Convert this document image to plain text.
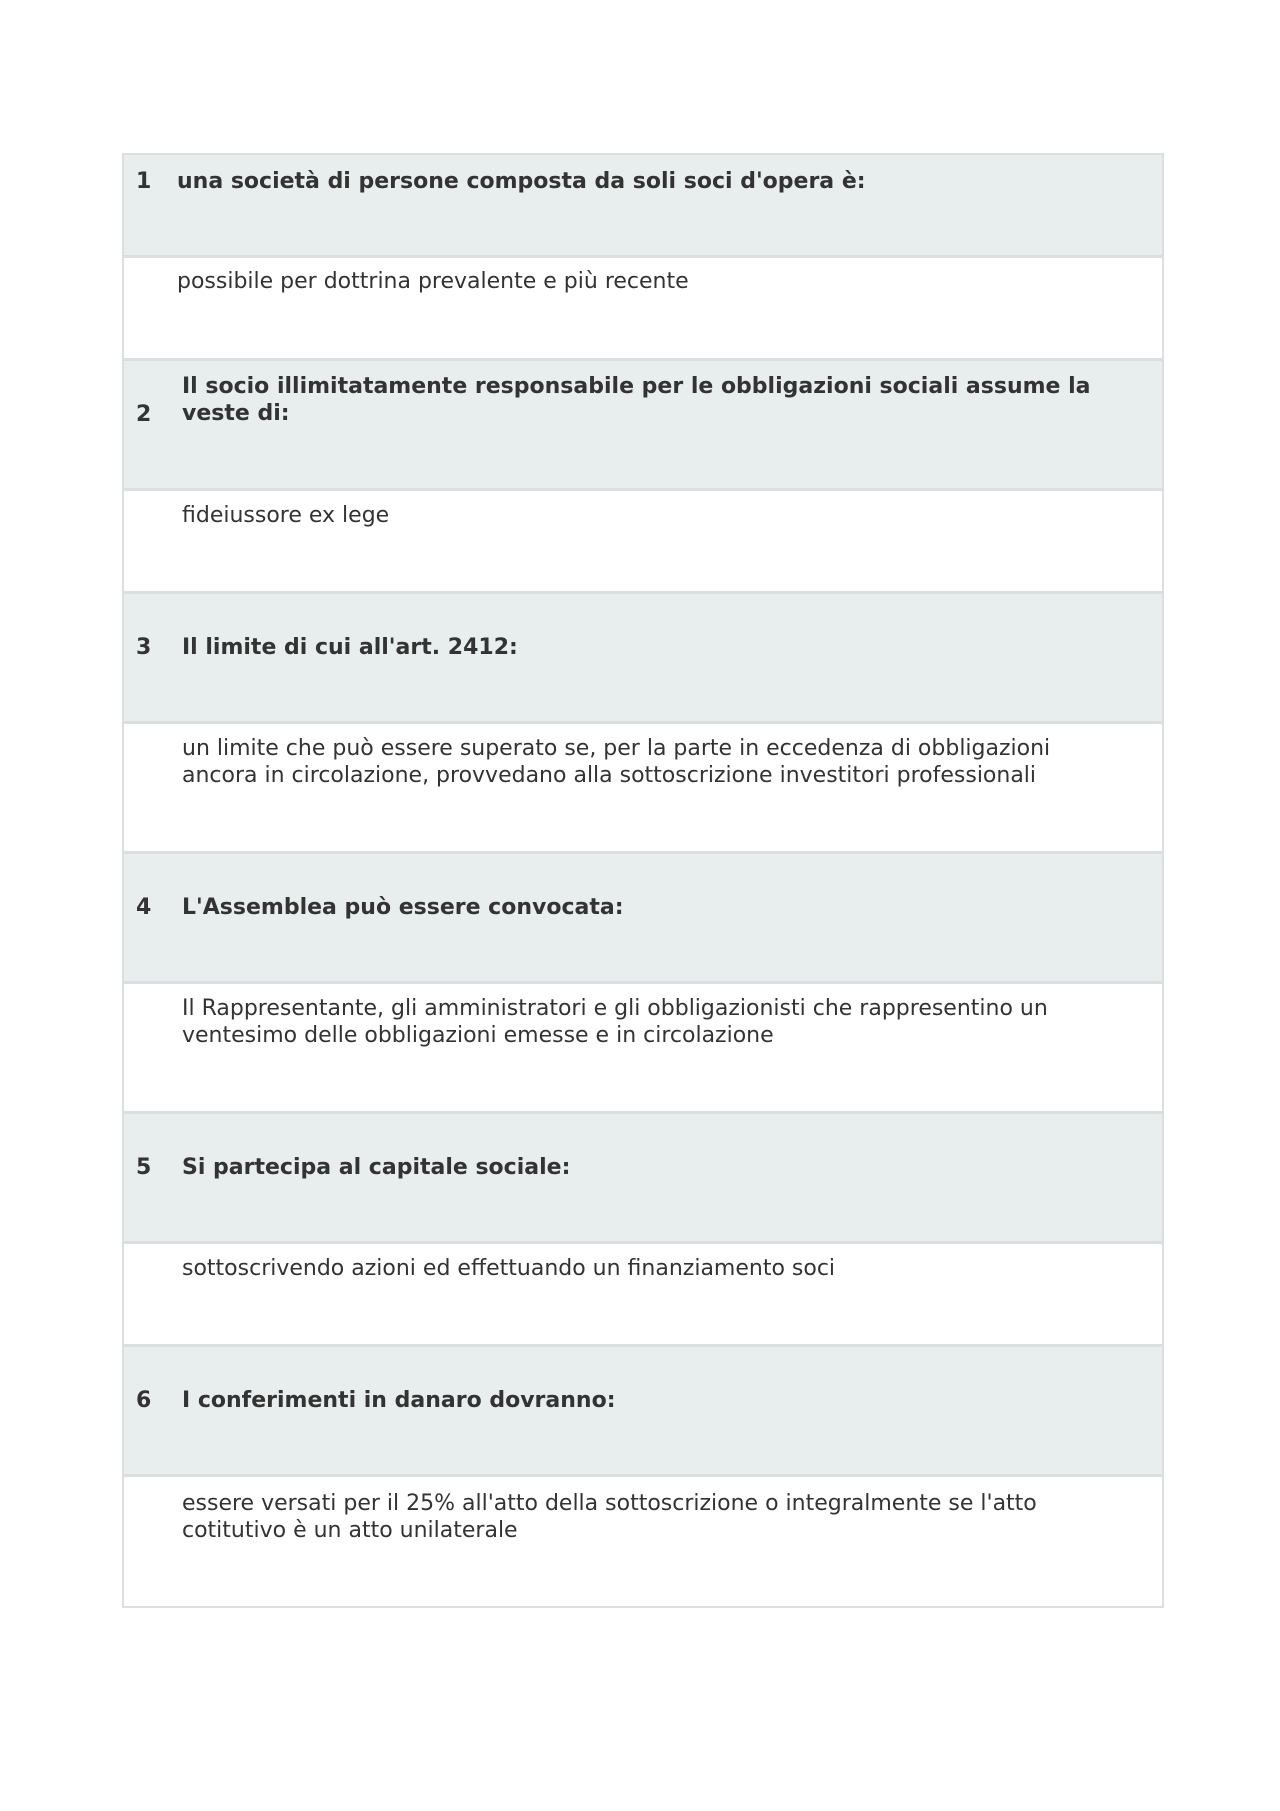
1 una società di persone composta da soli soci d'opera è:
possibile per dottrina prevalente e più recente
2
Il socio illimitatamente responsabile per le obbligazioni sociali assume la veste di:
fideiussore ex lege
3 Il limite di cui all'art. 2412:
un limite che può essere superato se, per la parte in eccedenza di obbligazioni ancora in circolazione, provvedano alla sottoscrizione investitori professionali
4 L'Assemblea può essere convocata:
Il Rappresentante, gli amministratori e gli obbligazionisti che rappresentino un ventesimo delle obbligazioni emesse e in circolazione
5 Si partecipa al capitale sociale:
sottoscrivendo azioni ed effettuando un finanziamento soci
6 I conferimenti in danaro dovranno:
essere versati per il 25% all'atto della sottoscrizione o integralmente se l'atto cotitutivo è un atto unilaterale
